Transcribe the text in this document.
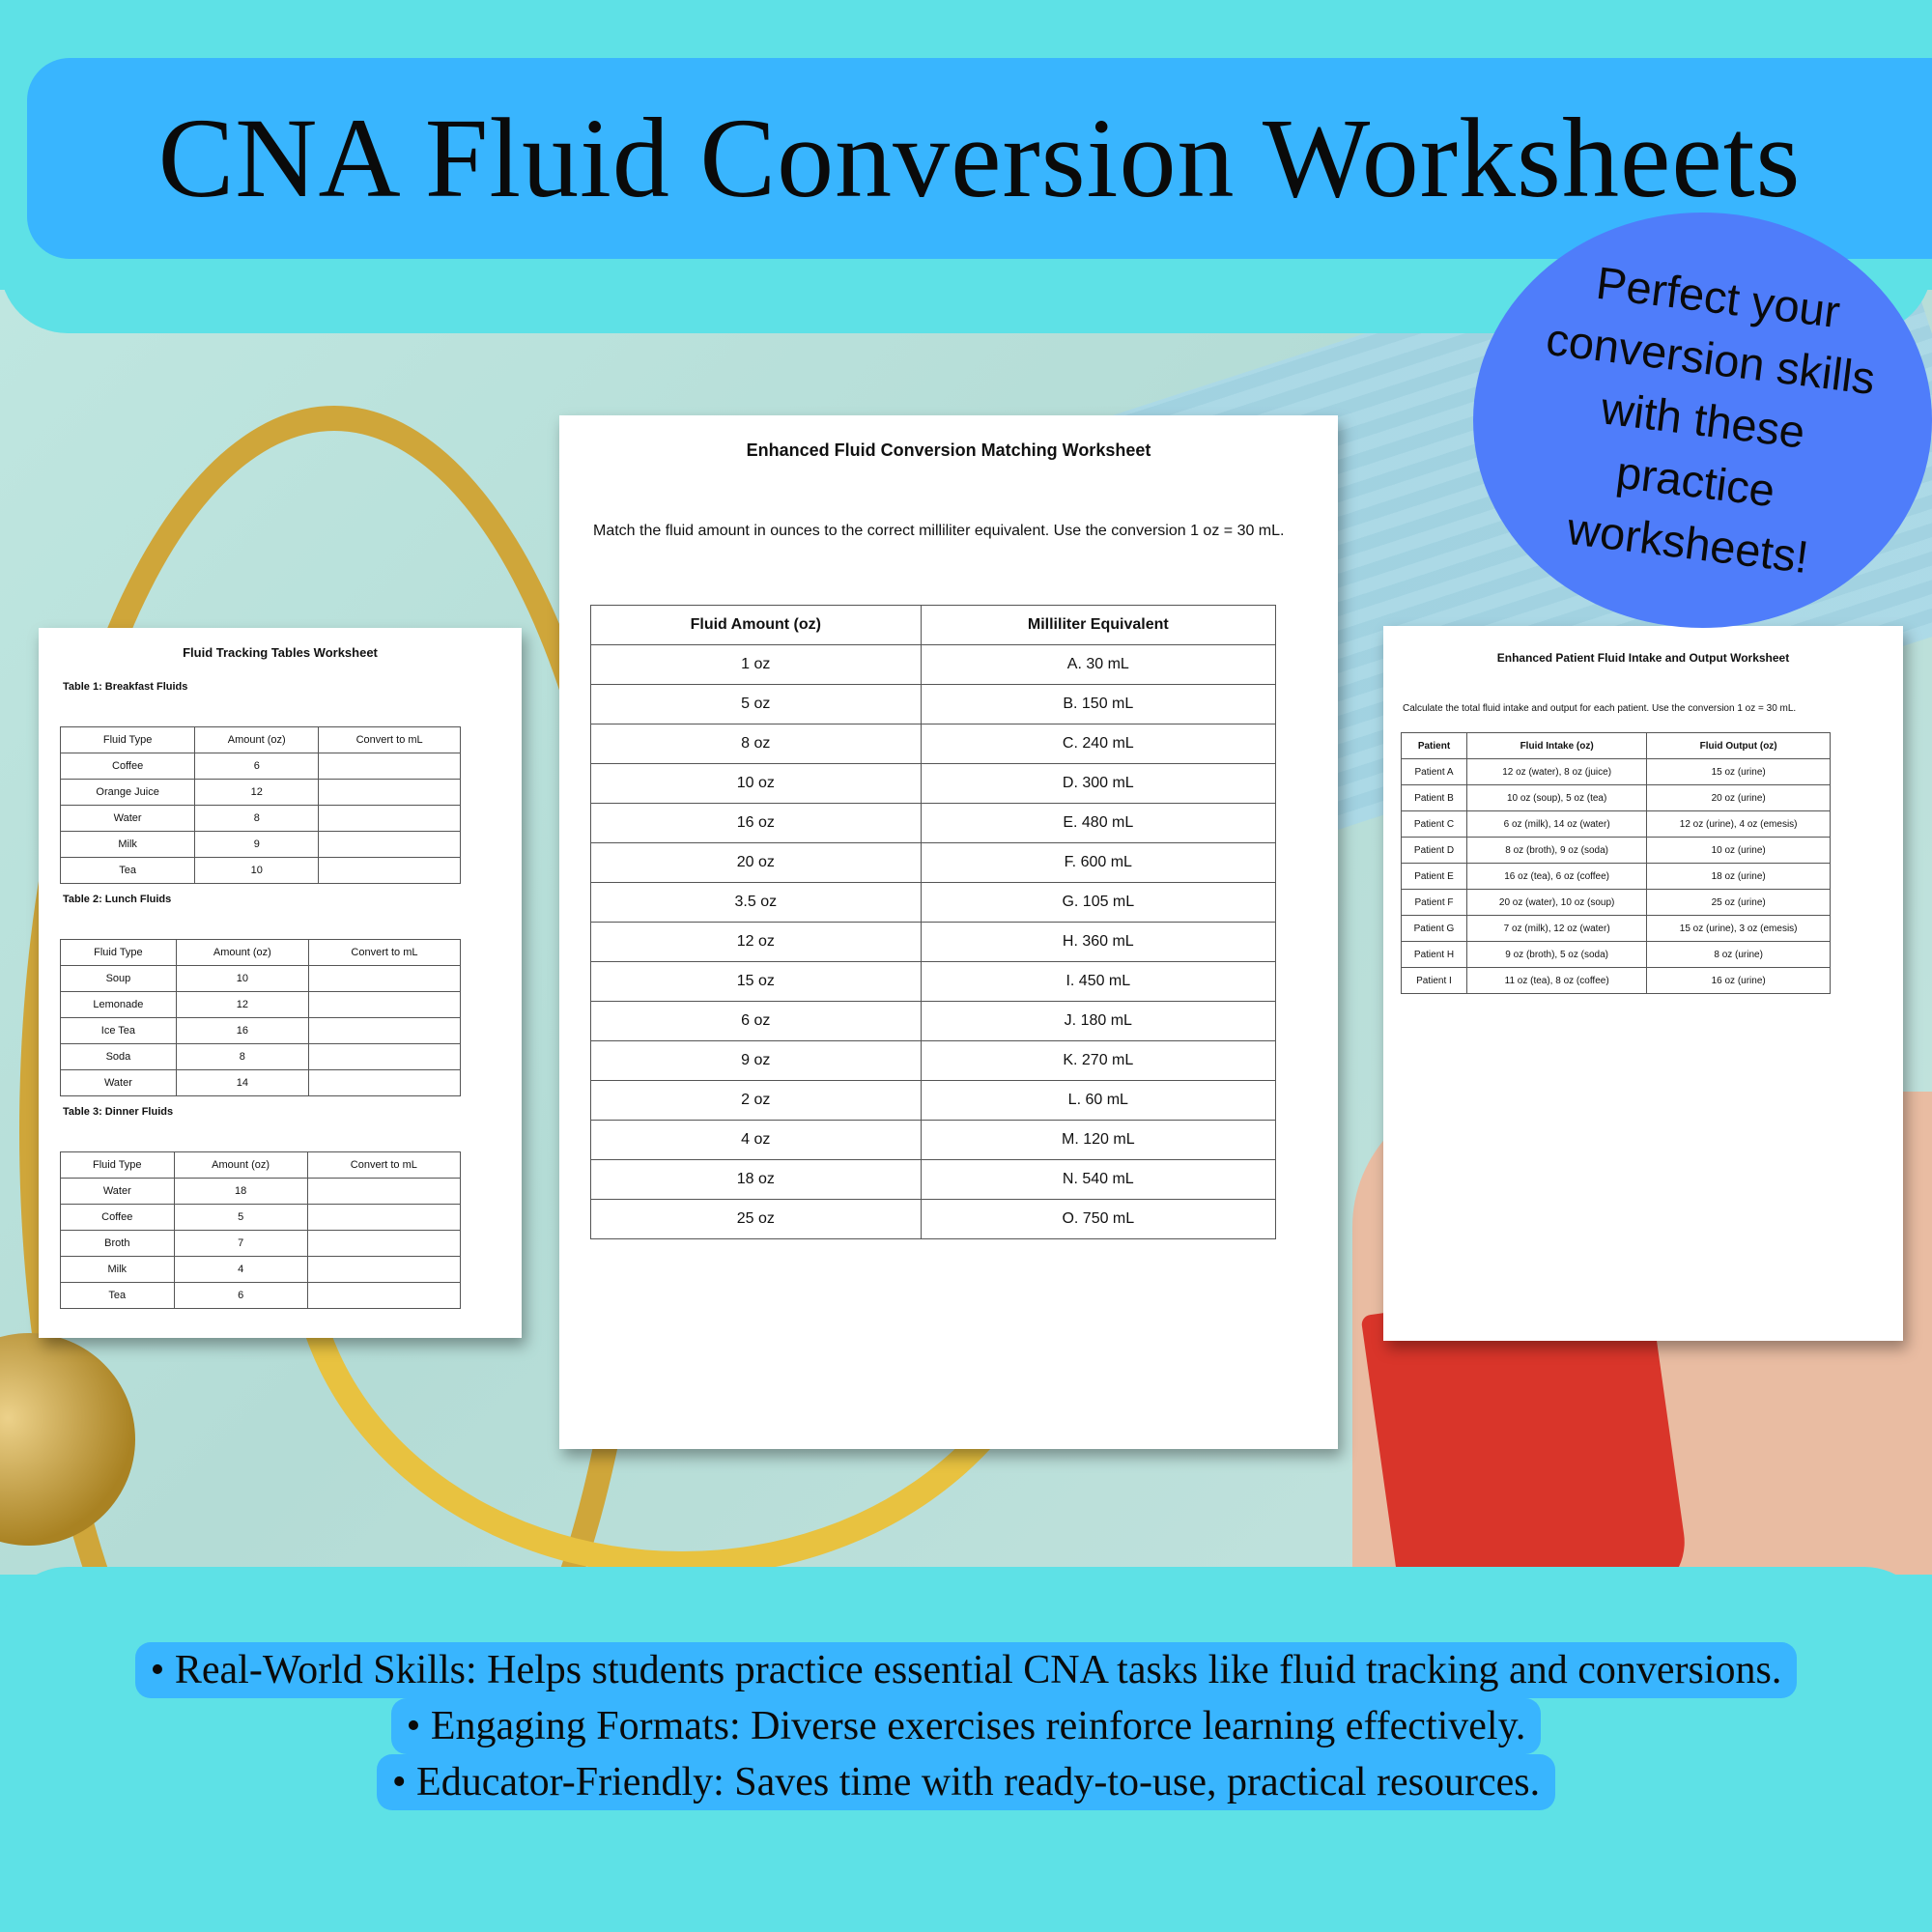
CNA Fluid Conversion Worksheets
Fluid Tracking Tables Worksheet
Table 1: Breakfast Fluids
Fluid Type	Amount (oz)	Convert to mL
Coffee	6	
Orange Juice	12	
Water	8	
Milk	9	
Tea	10	
Table 2: Lunch Fluids
Fluid Type	Amount (oz)	Convert to mL
Soup	10	
Lemonade	12	
Ice Tea	16	
Soda	8	
Water	14	
Table 3: Dinner Fluids
Fluid Type	Amount (oz)	Convert to mL
Water	18	
Coffee	5	
Broth	7	
Milk	4	
Tea	6	
Enhanced Fluid Conversion Matching Worksheet
Match the fluid amount in ounces to the correct milliliter equivalent. Use the conversion 1 oz = 30 mL.
Fluid Amount (oz)	Milliliter Equivalent
1 oz	A. 30 mL
5 oz	B. 150 mL
8 oz	C. 240 mL
10 oz	D. 300 mL
16 oz	E. 480 mL
20 oz	F. 600 mL
3.5 oz	G. 105 mL
12 oz	H. 360 mL
15 oz	I. 450 mL
6 oz	J. 180 mL
9 oz	K. 270 mL
2 oz	L. 60 mL
4 oz	M. 120 mL
18 oz	N. 540 mL
25 oz	O. 750 mL
Enhanced Patient Fluid Intake and Output Worksheet
Calculate the total fluid intake and output for each patient. Use the conversion 1 oz = 30 mL.
Patient	Fluid Intake (oz)	Fluid Output (oz)
Patient A	12 oz (water), 8 oz (juice)	15 oz (urine)
Patient B	10 oz (soup), 5 oz (tea)	20 oz (urine)
Patient C	6 oz (milk), 14 oz (water)	12 oz (urine), 4 oz (emesis)
Patient D	8 oz (broth), 9 oz (soda)	10 oz (urine)
Patient E	16 oz (tea), 6 oz (coffee)	18 oz (urine)
Patient F	20 oz (water), 10 oz (soup)	25 oz (urine)
Patient G	7 oz (milk), 12 oz (water)	15 oz (urine), 3 oz (emesis)
Patient H	9 oz (broth), 5 oz (soda)	8 oz (urine)
Patient I	11 oz (tea), 8 oz (coffee)	16 oz (urine)
Perfect your conversion skills with these practice worksheets!
• Real-World Skills: Helps students practice essential CNA tasks like fluid tracking and conversions.
• Engaging Formats: Diverse exercises reinforce learning effectively.
• Educator-Friendly: Saves time with ready-to-use, practical resources.
